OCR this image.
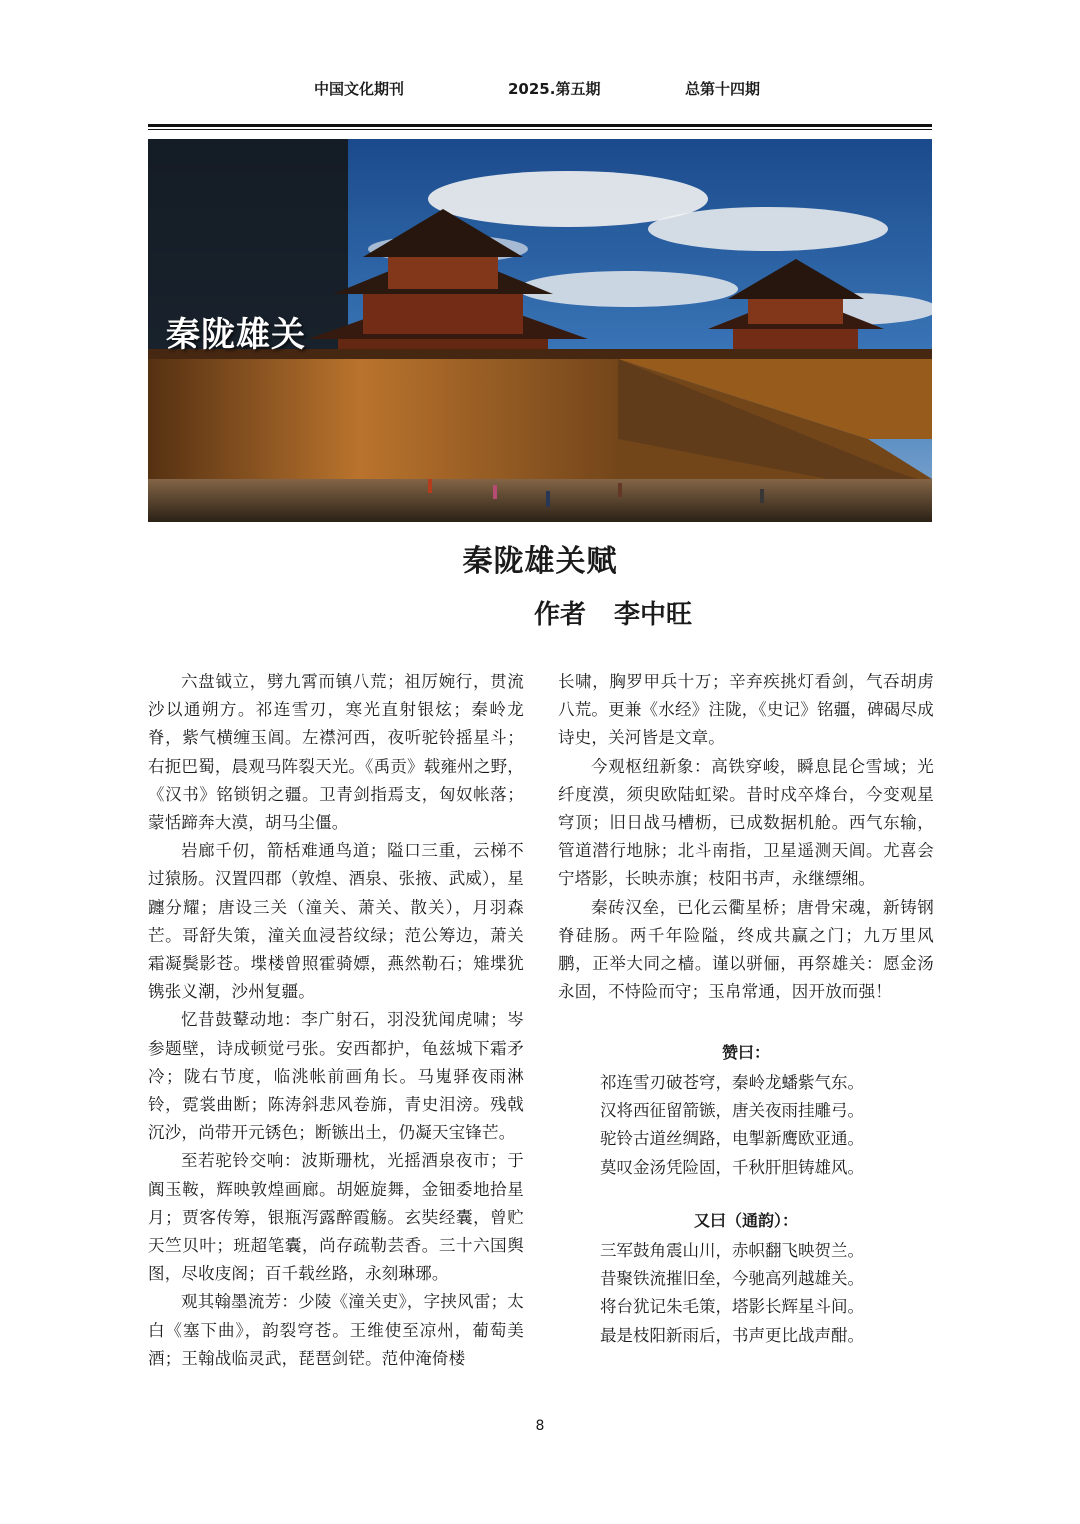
中国文化期刊	2025.第五期	总第十四期
秦陇雄关
秦陇雄关赋
作者 李中旺

六盘钺立，劈九霄而镇八荒；祖厉婉行，贯流沙以通朔方。祁连雪刃，寒光直射银炫；秦岭龙脊，紫气横缠玉阊。左襟河西，夜听驼铃摇星斗；右扼巴蜀，晨观马阵裂天光。《禹贡》载雍州之野，《汉书》铭锁钥之疆。卫青剑指焉支，匈奴帐落；蒙恬蹄奔大漠，胡马尘僵。

岩廊千仞，箭栝难通鸟道；隘口三重，云梯不过猿肠。汉置四郡（敦煌、酒泉、张掖、武威），星躔分耀；唐设三关（潼关、萧关、散关），月羽森芒。哥舒失策，潼关血浸苔纹绿；范公筹边，萧关霜凝鬓影苍。堞楼曾照霍骑嫖，燕然勒石；雉堞犹镌张义潮，沙州复疆。

忆昔鼓鼙动地：李广射石，羽没犹闻虎啸；岑参题壁，诗成顿觉弓张。安西都护，龟兹城下霜矛冷；陇右节度，临洮帐前画角长。马嵬驿夜雨淋铃，霓裳曲断；陈涛斜悲风卷旆，青史泪滂。残戟沉沙，尚带开元锈色；断镞出土，仍凝天宝锋芒。

至若驼铃交响：波斯珊枕，光摇酒泉夜市；于阗玉鞍，辉映敦煌画廊。胡姬旋舞，金钿委地拾星月；贾客传筹，银瓶泻露醉霞觞。玄奘经囊，曾贮天竺贝叶；班超笔囊，尚存疏勒芸香。三十六国舆图，尽收庋阁；百千载丝路，永刻琳琊。

观其翰墨流芳：少陵《潼关吏》，字挟风雷；太白《塞下曲》，韵裂穹苍。王维使至凉州，葡萄美酒；王翰战临灵武，琵琶剑铓。范仲淹倚楼

长啸，胸罗甲兵十万；辛弃疾挑灯看剑，气吞胡虏八荒。更兼《水经》注陇，《史记》铭疆，碑碣尽成诗史，关河皆是文章。

今观枢纽新象：高铁穿峻，瞬息昆仑雪域；光纤度漠，须臾欧陆虹梁。昔时戍卒烽台，今变观星穹顶；旧日战马槽枥，已成数据机舱。西气东输，管道潜行地脉；北斗南指，卫星遥测天阊。尤喜会宁塔影，长映赤旗；枝阳书声，永继缥缃。

秦砖汉垒，已化云衢星桥；唐骨宋魂，新铸钢脊硅肠。两千年险隘，终成共赢之门；九万里风鹏，正举大同之樯。谨以骈俪，再祭雄关：愿金汤永固，不恃险而守；玉帛常通，因开放而强！

赞曰：

祁连雪刃破苍穹，秦岭龙蟠紫气东。

汉将西征留箭镞，唐关夜雨挂雕弓。

驼铃古道丝绸路，电掣新鹰欧亚通。

莫叹金汤凭险固，千秋肝胆铸雄风。

又曰（通韵）：

三军鼓角震山川，赤帜翻飞映贺兰。

昔聚铁流摧旧垒，今驰高列越雄关。

将台犹记朱毛策，塔影长辉星斗间。

最是枝阳新雨后，书声更比战声酣。

8
